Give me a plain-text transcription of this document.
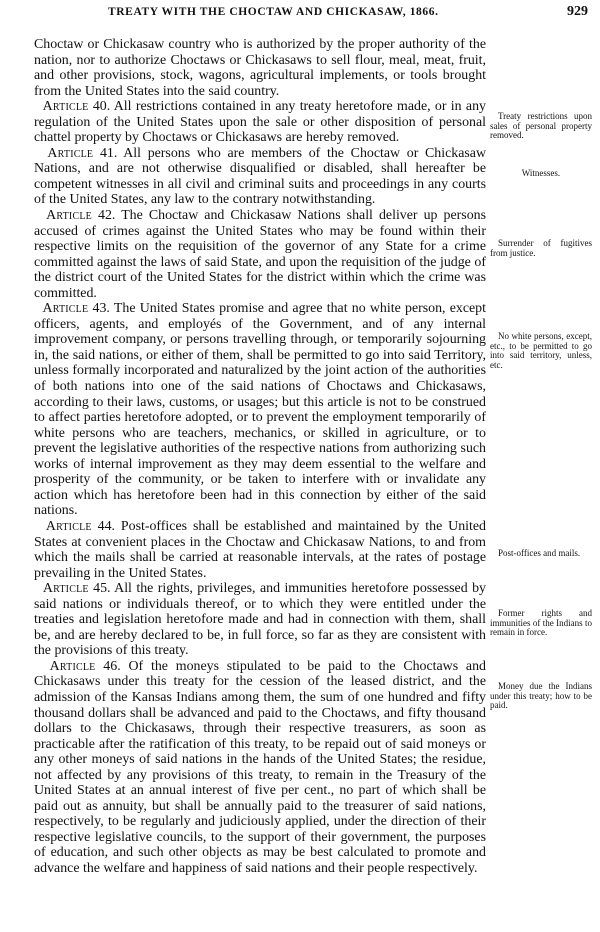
TREATY WITH THE CHOCTAW AND CHICKASAW, 1866.	929

Choctaw or Chickasaw country who is authorized by the proper authority of the nation, nor to authorize Choctaws or Chickasaws to sell flour, meal, meat, fruit, and other provisions, stock, wagons, agricultural implements, or tools brought from the United States into the said country.

Article 40. All restrictions contained in any treaty heretofore made, or in any regulation of the United States upon the sale or other disposition of personal chattel property by Choctaws or Chickasaws are hereby removed.

Article 41. All persons who are members of the Choctaw or Chickasaw Nations, and are not otherwise disqualified or disabled, shall hereafter be competent witnesses in all civil and criminal suits and proceedings in any courts of the United States, any law to the contrary notwithstanding.

Article 42. The Choctaw and Chickasaw Nations shall deliver up persons accused of crimes against the United States who may be found within their respective limits on the requisition of the governor of any State for a crime committed against the laws of said State, and upon the requisition of the judge of the district court of the United States for the district within which the crime was committed.

Article 43. The United States promise and agree that no white person, except officers, agents, and employés of the Government, and of any internal improvement company, or persons travelling through, or temporarily sojourning in, the said nations, or either of them, shall be permitted to go into said Territory, unless formally incorporated and naturalized by the joint action of the authorities of both nations into one of the said nations of Choctaws and Chickasaws, according to their laws, customs, or usages; but this article is not to be construed to affect parties heretofore adopted, or to prevent the employment temporarily of white persons who are teachers, mechanics, or skilled in agriculture, or to prevent the legislative authorities of the respective nations from authorizing such works of internal improvement as they may deem essential to the welfare and prosperity of the community, or be taken to interfere with or invalidate any action which has heretofore been had in this connection by either of the said nations.

Article 44. Post-offices shall be established and maintained by the United States at convenient places in the Choctaw and Chickasaw Nations, to and from which the mails shall be carried at reasonable intervals, at the rates of postage prevailing in the United States.

Article 45. All the rights, privileges, and immunities heretofore possessed by said nations or individuals thereof, or to which they were entitled under the treaties and legislation heretofore made and had in connection with them, shall be, and are hereby declared to be, in full force, so far as they are consistent with the provisions of this treaty.

Article 46. Of the moneys stipulated to be paid to the Choctaws and Chickasaws under this treaty for the cession of the leased district, and the admission of the Kansas Indians among them, the sum of one hundred and fifty thousand dollars shall be advanced and paid to the Choctaws, and fifty thousand dollars to the Chickasaws, through their respective treasurers, as soon as practicable after the ratification of this treaty, to be repaid out of said moneys or any other moneys of said nations in the hands of the United States; the residue, not affected by any provisions of this treaty, to remain in the Treasury of the United States at an annual interest of five per cent., no part of which shall be paid out as annuity, but shall be annually paid to the treasurer of said nations, respectively, to be regularly and judiciously applied, under the direction of their respective legislative councils, to the support of their government, the purposes of education, and such other objects as may be best calculated to promote and advance the welfare and happiness of said nations and their people respectively.

Treaty restrictions upon sales of personal property removed.
Witnesses.
Surrender of fugitives from justice.
No white persons, except, etc., to be permitted to go into said territory, unless, etc.
Post-offices and mails.
Former rights and immunities of the Indians to remain in force.
Money due the Indians under this treaty; how to be paid.
